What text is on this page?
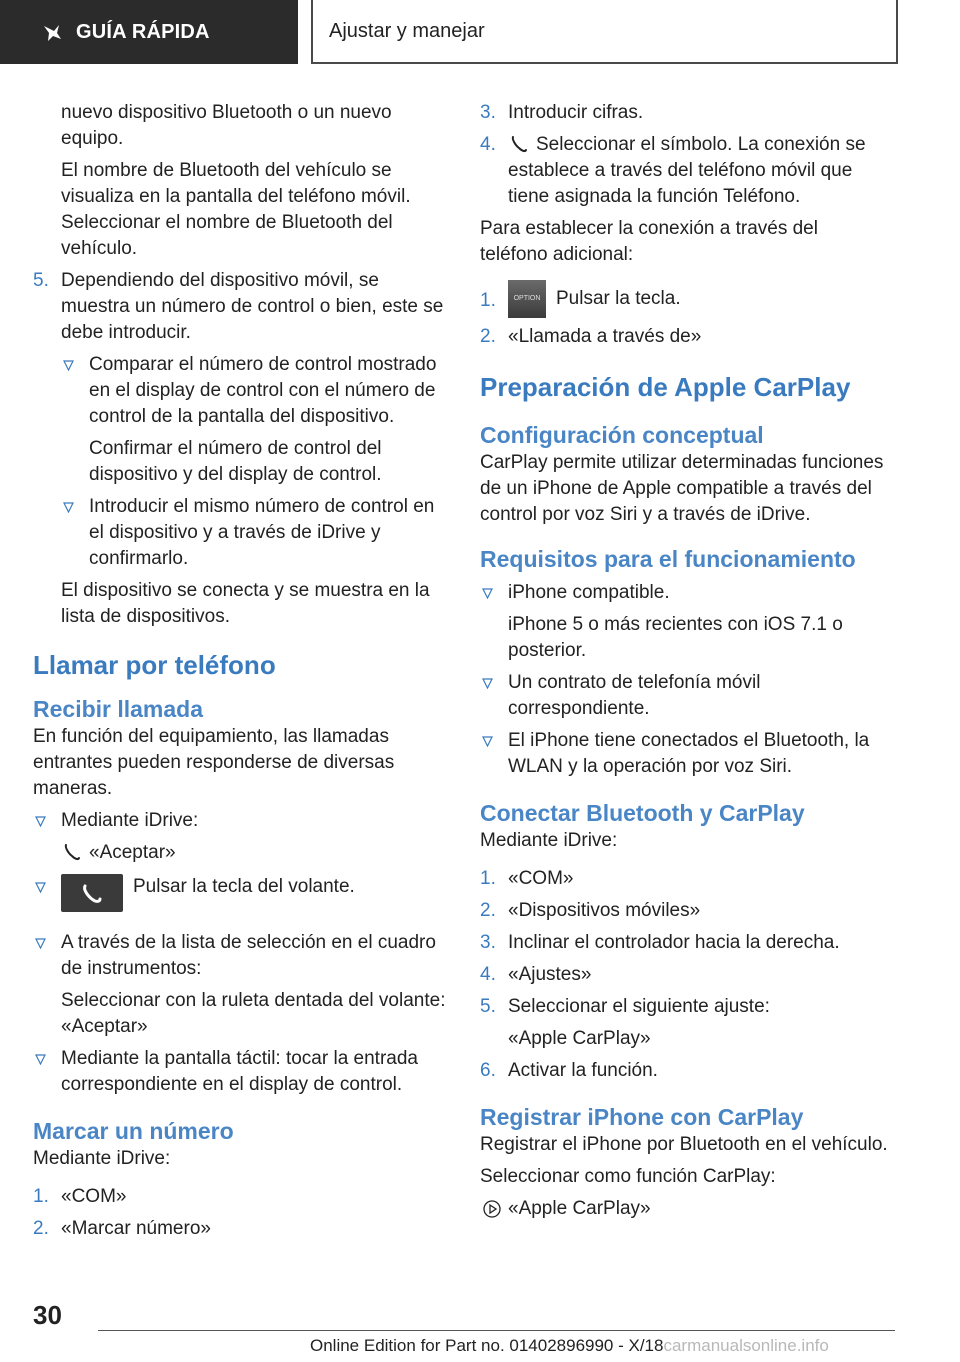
GUÍA RÁPIDA	Ajustar y manejar

nuevo dispositivo Bluetooth o un nuevo equipo.

El nombre de Bluetooth del vehículo se visualiza en la pantalla del teléfono móvil. Seleccionar el nombre de Bluetooth del vehículo.

5. Dependiendo del dispositivo móvil, se muestra un número de control o bien, este se debe introducir.

Comparar el número de control mostrado en el display de control con el número de control de la pantalla del dispositivo.

Confirmar el número de control del dispositivo y del display de control.

Introducir el mismo número de control en el dispositivo y a través de iDrive y confirmarlo.

El dispositivo se conecta y se muestra en la lista de dispositivos.

Llamar por teléfono
Recibir llamada

En función del equipamiento, las llamadas entrantes pueden responderse de diversas maneras.

Mediante iDrive:

«Aceptar»

Pulsar la tecla del volante.

A través de la lista de selección en el cuadro de instrumentos:

Seleccionar con la ruleta dentada del volante: «Aceptar»

Mediante la pantalla táctil: tocar la entrada correspondiente en el display de control.

Marcar un número

Mediante iDrive:

1. «COM»

2. «Marcar número»

3. Introducir cifras.

4.	Seleccionar el símbolo. La conexión se establece a través del teléfono móvil que tiene asignada la función Teléfono.

Para establecer la conexión a través del teléfono adicional:

1.	OPTION Pulsar la tecla.

2. «Llamada a través de»

Preparación de Apple CarPlay
Configuración conceptual

CarPlay permite utilizar determinadas funciones de un iPhone de Apple compatible a través del control por voz Siri y a través de iDrive.

Requisitos para el funcionamiento

iPhone compatible.

iPhone 5 o más recientes con iOS 7.1 o posterior.

Un contrato de telefonía móvil correspondiente.

El iPhone tiene conectados el Bluetooth, la WLAN y la operación por voz Siri.

Conectar Bluetooth y CarPlay

Mediante iDrive:

1. «COM»

2. «Dispositivos móviles»

3. Inclinar el controlador hacia la derecha.

4. «Ajustes»

5. Seleccionar el siguiente ajuste:

«Apple CarPlay»

6. Activar la función.

Registrar iPhone con CarPlay

Registrar el iPhone por Bluetooth en el vehículo.

Seleccionar como función CarPlay:

«Apple CarPlay»

30
Online Edition for Part no. 01402896990 - X/18carmanualsonline.info
